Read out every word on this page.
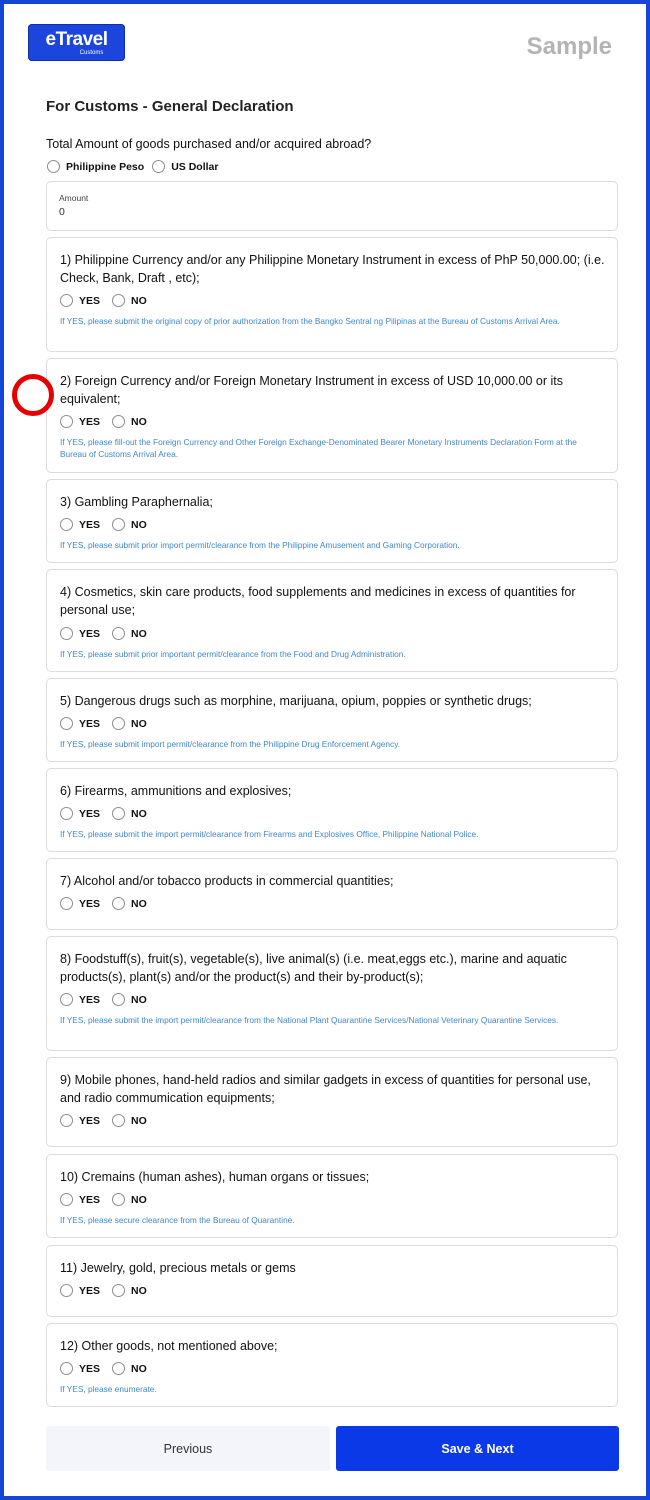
eTravel
Customs	Sample
For Customs - General Declaration
Total Amount of goods purchased and/or acquired abroad?
Philippine Peso	US Dollar
Amount
0
1) Philippine Currency and/or any Philippine Monetary Instrument in excess of PhP 50,000.00; (i.e. Check, Bank, Draft , etc);
YES	NO
If YES, please submit the original copy of prior authorization from the Bangko Sentral ng Pilipinas at the Bureau of Customs Arrival Area.
2) Foreign Currency and/or Foreign Monetary Instrument in excess of USD 10,000.00 or its equivalent;
YES	NO
If YES, please fill-out the Foreign Currency and Other Foreign Exchange-Denominated Bearer Monetary Instruments Declaration Form at the Bureau of Customs Arrival Area.
3) Gambling Paraphernalia;
YES	NO
If YES, please submit prior import permit/clearance from the Philippine Amusement and Gaming Corporation.
4) Cosmetics, skin care products, food supplements and medicines in excess of quantities for personal use;
YES	NO
If YES, please submit prior important permit/clearance from the Food and Drug Administration.
5) Dangerous drugs such as morphine, marijuana, opium, poppies or synthetic drugs;
YES	NO
If YES, please submit import permit/clearance from the Philippine Drug Enforcement Agency.
6) Firearms, ammunitions and explosives;
YES	NO
If YES, please submit the import permit/clearance from Firearms and Explosives Office, Philippine National Police.
7) Alcohol and/or tobacco products in commercial quantities;
YES	NO
8) Foodstuff(s), fruit(s), vegetable(s), live animal(s) (i.e. meat,eggs etc.), marine and aquatic products(s), plant(s) and/or the product(s) and their by-product(s);
YES	NO
If YES, please submit the import permit/clearance from the National Plant Quarantine Services/National Veterinary Quarantine Services.
9) Mobile phones, hand-held radios and similar gadgets in excess of quantities for personal use, and radio commumication equipments;
YES	NO
10) Cremains (human ashes), human organs or tissues;
YES	NO
If YES, please secure clearance from the Bureau of Quarantine.
11) Jewelry, gold, precious metals or gems
YES	NO
12) Other goods, not mentioned above;
YES	NO
If YES, please enumerate.
Previous	Save & Next
